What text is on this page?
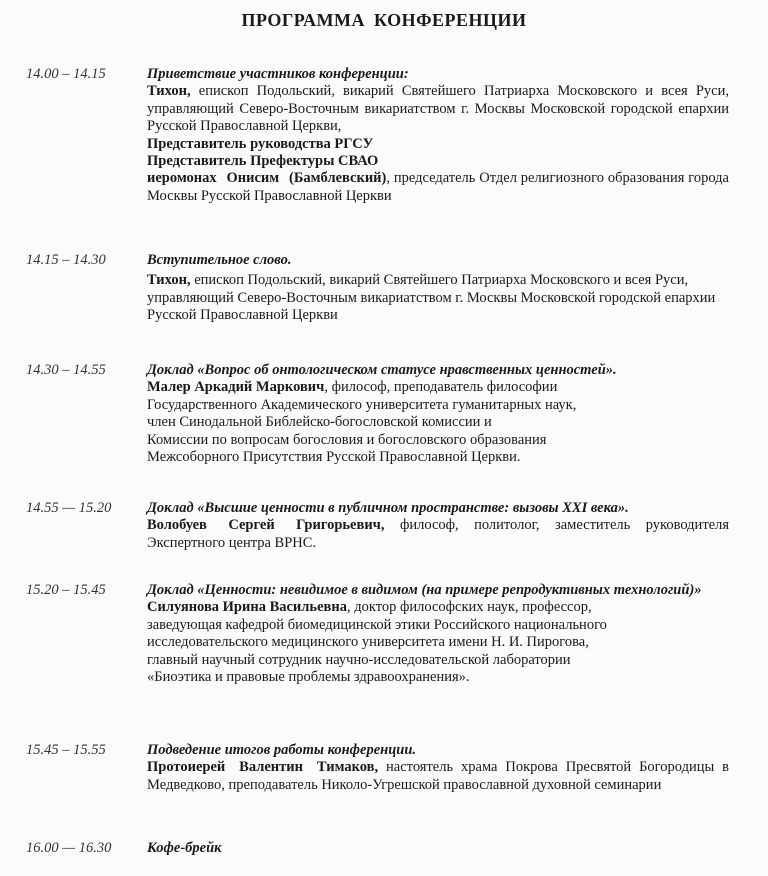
ПРОГРАММА КОНФЕРЕНЦИИ
14.00 – 14.15	Приветствие участников конференции:

Тихон, епископ Подольский, викарий Святейшего Патриарха Московского и всея Руси, управляющий Северо-Восточным викариатством г. Москвы Московской городской епархии Русской Православной Церкви,

Представитель руководства РГСУ

Представитель Префектуры СВАО

иеромонах Онисим (Бамблевский), председатель Отдел религиозного образования города Москвы Русской Православной Церкви

14.15 – 14.30	Вступительное слово.

Тихон, епископ Подольский, викарий Святейшего Патриарха Московского и всея Руси, управляющий Северо-Восточным викариатством г. Москвы Московской городской епархии Русской Православной Церкви

14.30 – 14.55	Доклад «Вопрос об онтологическом статусе нравственных ценностей».

Малер Аркадий Маркович, философ, преподаватель философии

Государственного Академического университета гуманитарных наук,

член Синодальной Библейско-богословской комиссии и

Комиссии по вопросам богословия и богословского образования

Межсоборного Присутствия Русской Православной Церкви.

14.55 — 15.20 Доклад «Высшие ценности в публичном пространстве: вызовы XXI века».

Волобуев Сергей Григорьевич, философ, политолог, заместитель руководителя Экспертного центра ВРНС.

15.20 – 15.45	Доклад «Ценности: невидимое в видимом (на примере репродуктивных технологий)»

Силуянова Ирина Васильевна, доктор философских наук, профессор,

заведующая кафедрой биомедицинской этики Российского национального

исследовательского медицинского университета имени Н. И. Пирогова,

главный научный сотрудник научно-исследовательской лаборатории

«Биоэтика и правовые проблемы здравоохранения».

15.45 – 15.55	Подведение итогов работы конференции.

Протоиерей Валентин Тимаков, настоятель храма Покрова Пресвятой Богородицы в Медведково, преподаватель Николо-Угрешской православной духовной семинарии

16.00 — 16.30 Кофе-брейк
